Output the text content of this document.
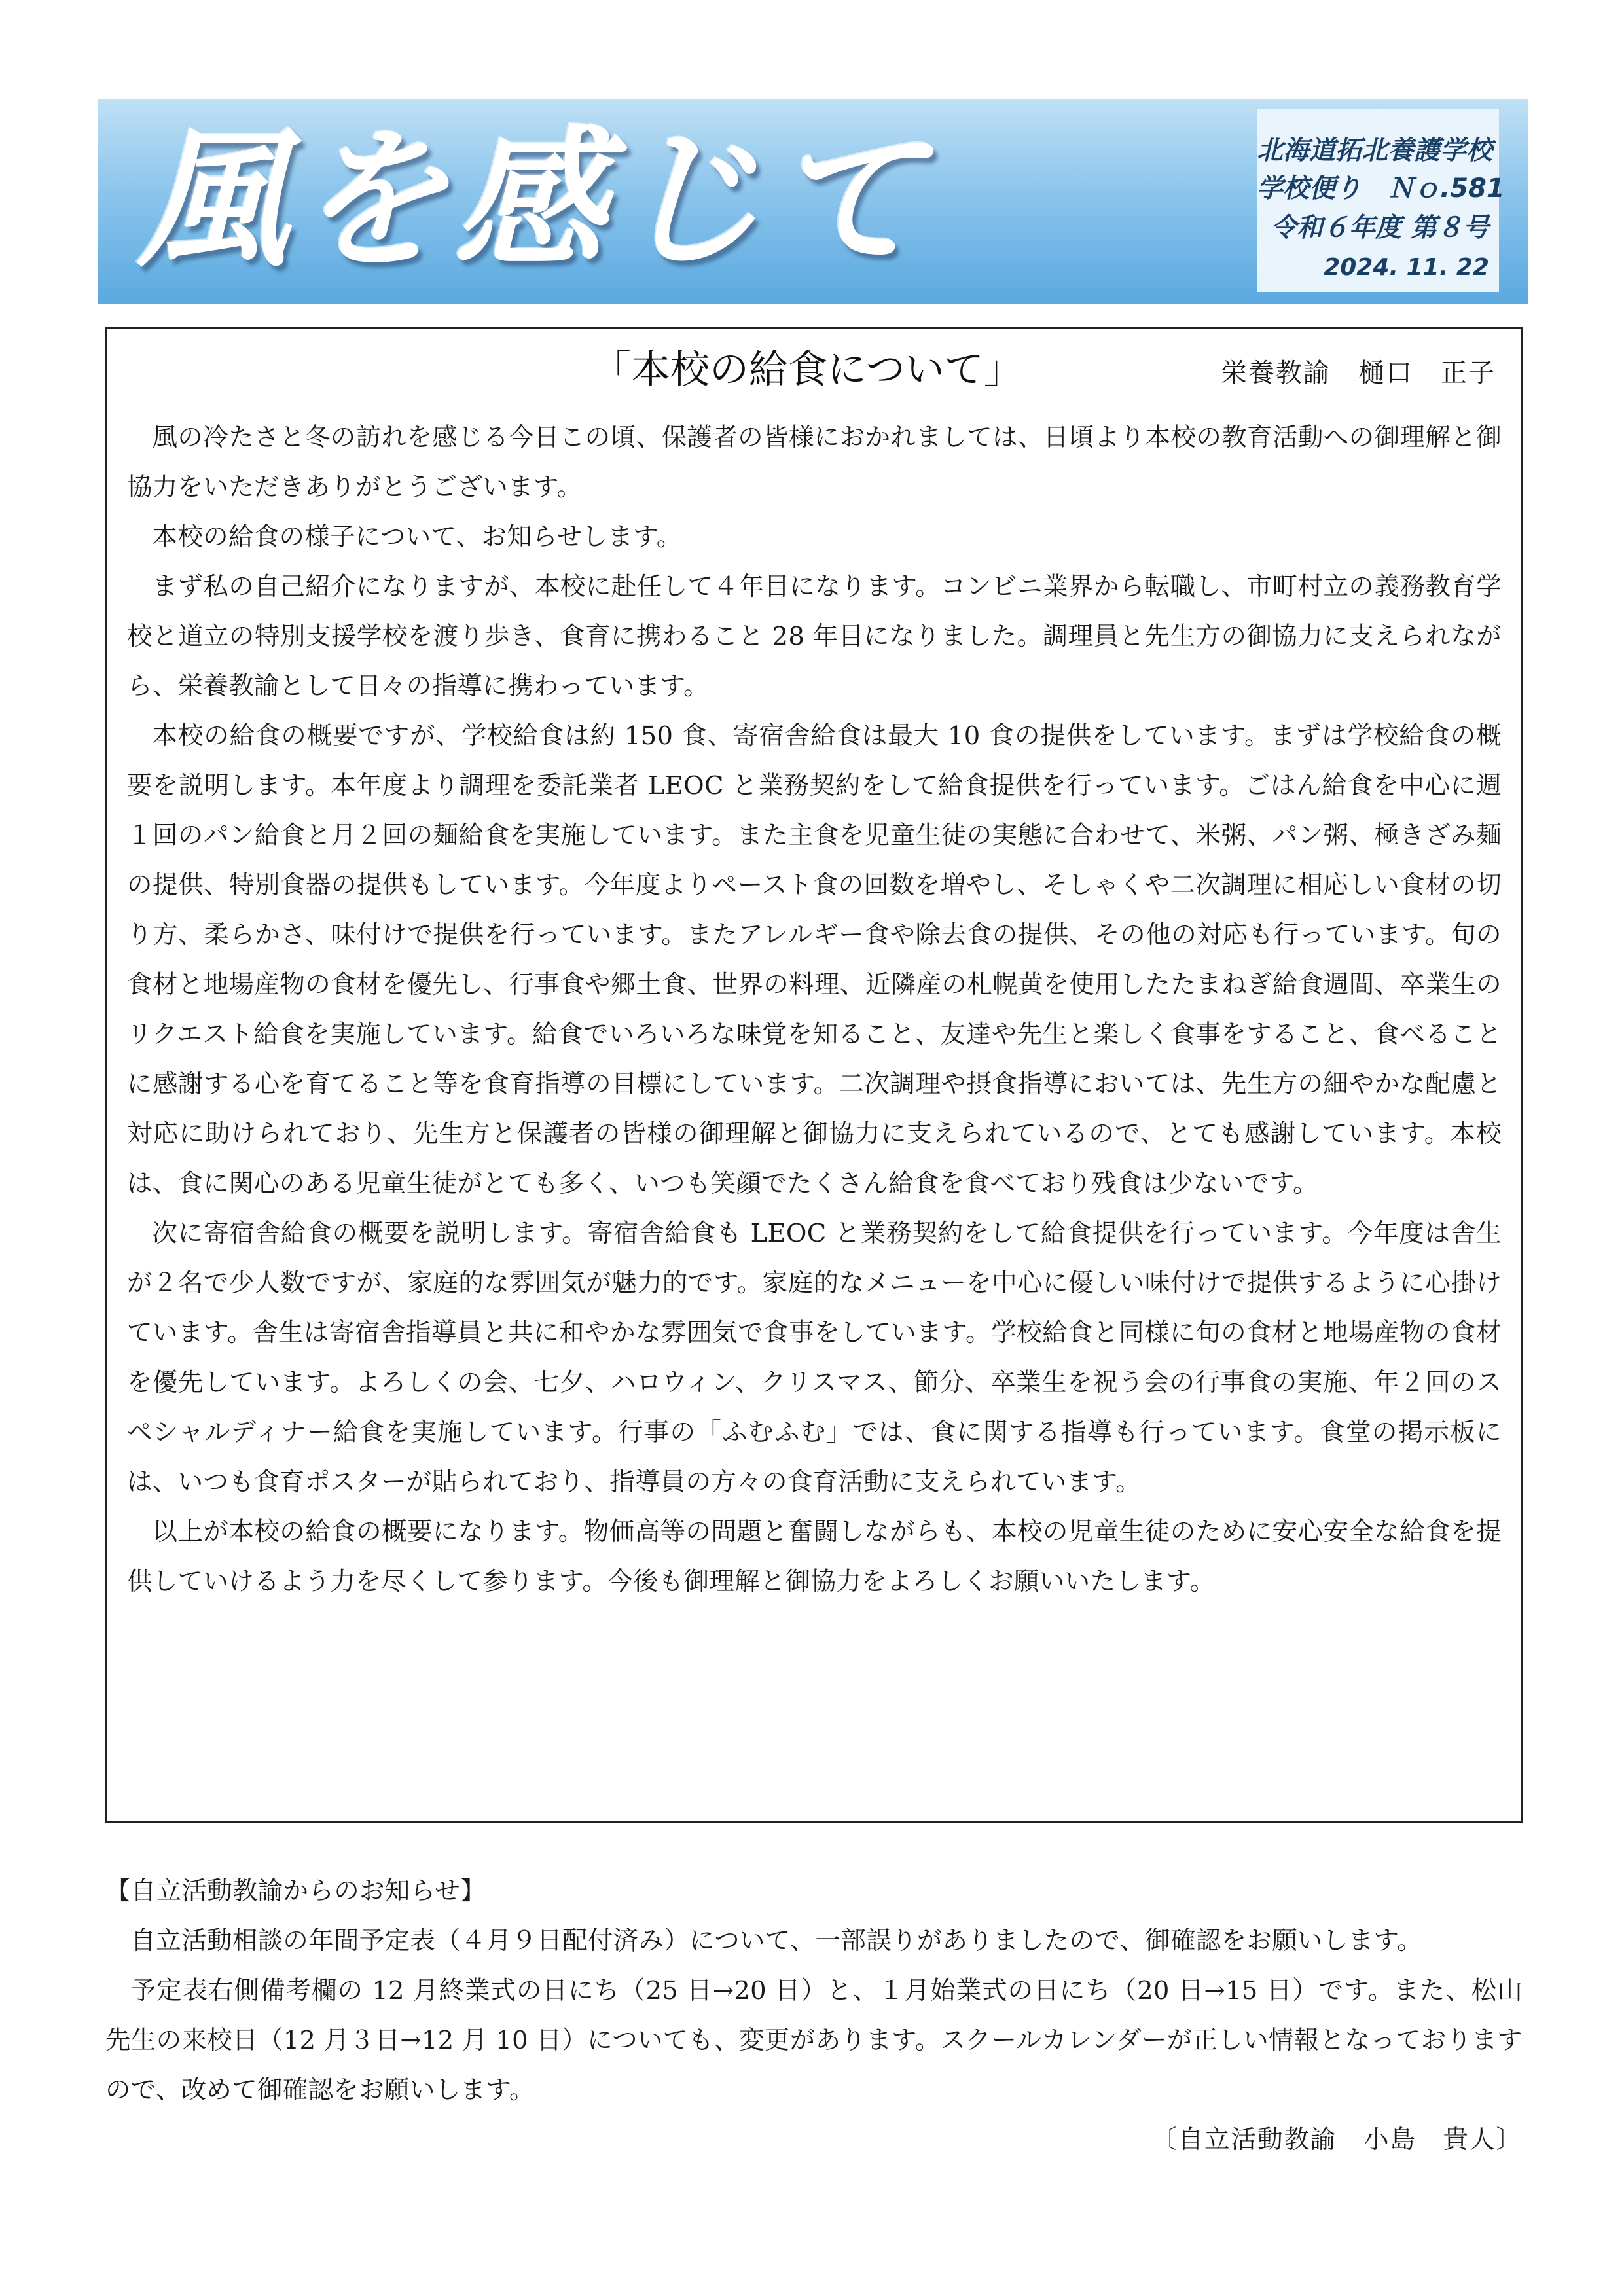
風を感じて	北海道拓北養護学校
学校便り　Ｎｏ.581
令和６年度 第８号
2024. 11. 22
「本校の給食について」	栄養教諭　樋口　正子

風の冷たさと冬の訪れを感じる今日この頃、保護者の皆様におかれましては、日頃より本校の教育活動への御理解と御協力をいただきありがとうございます。

本校の給食の様子について、お知らせします。

まず私の自己紹介になりますが、本校に赴任して４年目になります。コンビニ業界から転職し、市町村立の義務教育学校と道立の特別支援学校を渡り歩き、食育に携わること 28 年目になりました。調理員と先生方の御協力に支えられながら、栄養教諭として日々の指導に携わっています。

本校の給食の概要ですが、学校給食は約 150 食、寄宿舎給食は最大 10 食の提供をしています。まずは学校給食の概要を説明します。本年度より調理を委託業者 LEOC と業務契約をして給食提供を行っています。ごはん給食を中心に週１回のパン給食と月２回の麺給食を実施しています。また主食を児童生徒の実態に合わせて、米粥、パン粥、極きざみ麺の提供、特別食器の提供もしています。今年度よりペースト食の回数を増やし、そしゃくや二次調理に相応しい食材の切り方、柔らかさ、味付けで提供を行っています。またアレルギー食や除去食の提供、その他の対応も行っています。旬の食材と地場産物の食材を優先し、行事食や郷土食、世界の料理、近隣産の札幌黄を使用したたまねぎ給食週間、卒業生のリクエスト給食を実施しています。給食でいろいろな味覚を知ること、友達や先生と楽しく食事をすること、食べることに感謝する心を育てること等を食育指導の目標にしています。二次調理や摂食指導においては、先生方の細やかな配慮と対応に助けられており、先生方と保護者の皆様の御理解と御協力に支えられているので、とても感謝しています。本校は、食に関心のある児童生徒がとても多く、いつも笑顔でたくさん給食を食べており残食は少ないです。

次に寄宿舎給食の概要を説明します。寄宿舎給食も LEOC と業務契約をして給食提供を行っています。今年度は舎生が２名で少人数ですが、家庭的な雰囲気が魅力的です。家庭的なメニューを中心に優しい味付けで提供するように心掛けています。舎生は寄宿舎指導員と共に和やかな雰囲気で食事をしています。学校給食と同様に旬の食材と地場産物の食材を優先しています。よろしくの会、七夕、ハロウィン、クリスマス、節分、卒業生を祝う会の行事食の実施、年２回のスペシャルディナー給食を実施しています。行事の「ふむふむ」では、食に関する指導も行っています。食堂の掲示板には、いつも食育ポスターが貼られており、指導員の方々の食育活動に支えられています。

以上が本校の給食の概要になります。物価高等の問題と奮闘しながらも、本校の児童生徒のために安心安全な給食を提供していけるよう力を尽くして参ります。今後も御理解と御協力をよろしくお願いいたします。

【自立活動教諭からのお知らせ】

自立活動相談の年間予定表（４月９日配付済み）について、一部誤りがありましたので、御確認をお願いします。

予定表右側備考欄の 12 月終業式の日にち（25 日→20 日）と、１月始業式の日にち（20 日→15 日）です。また、松山先生の来校日（12 月３日→12 月 10 日）についても、変更があります。スクールカレンダーが正しい情報となっておりますので、改めて御確認をお願いします。

〔自立活動教諭　小島　貴人〕
